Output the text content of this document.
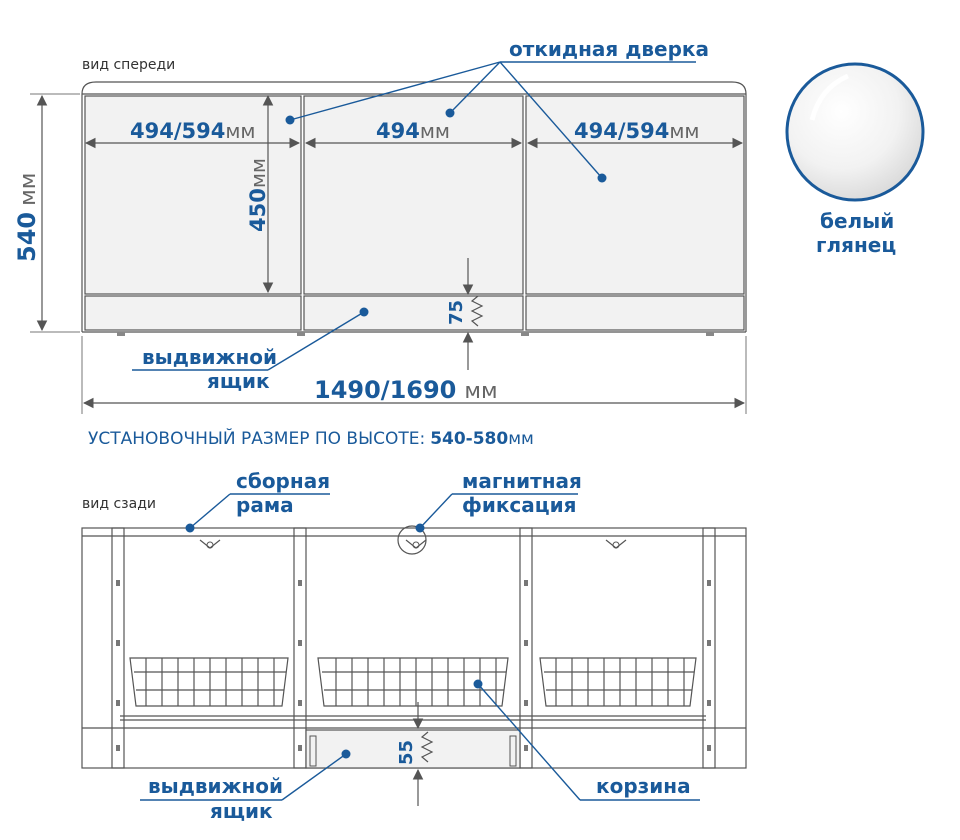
вид спереди
откидная дверка
494/594мм	494мм	494/594мм
450мм
75
540мм
выдвижной
ящик 1490/1690 мм
белый
глянец
УСТАНОВОЧНЫЙ РАЗМЕР ПО ВЫСОТЕ: 540-580мм
вид сзади
сборная
рама
магнитная
фиксация
55
выдвижной
ящик
корзина
